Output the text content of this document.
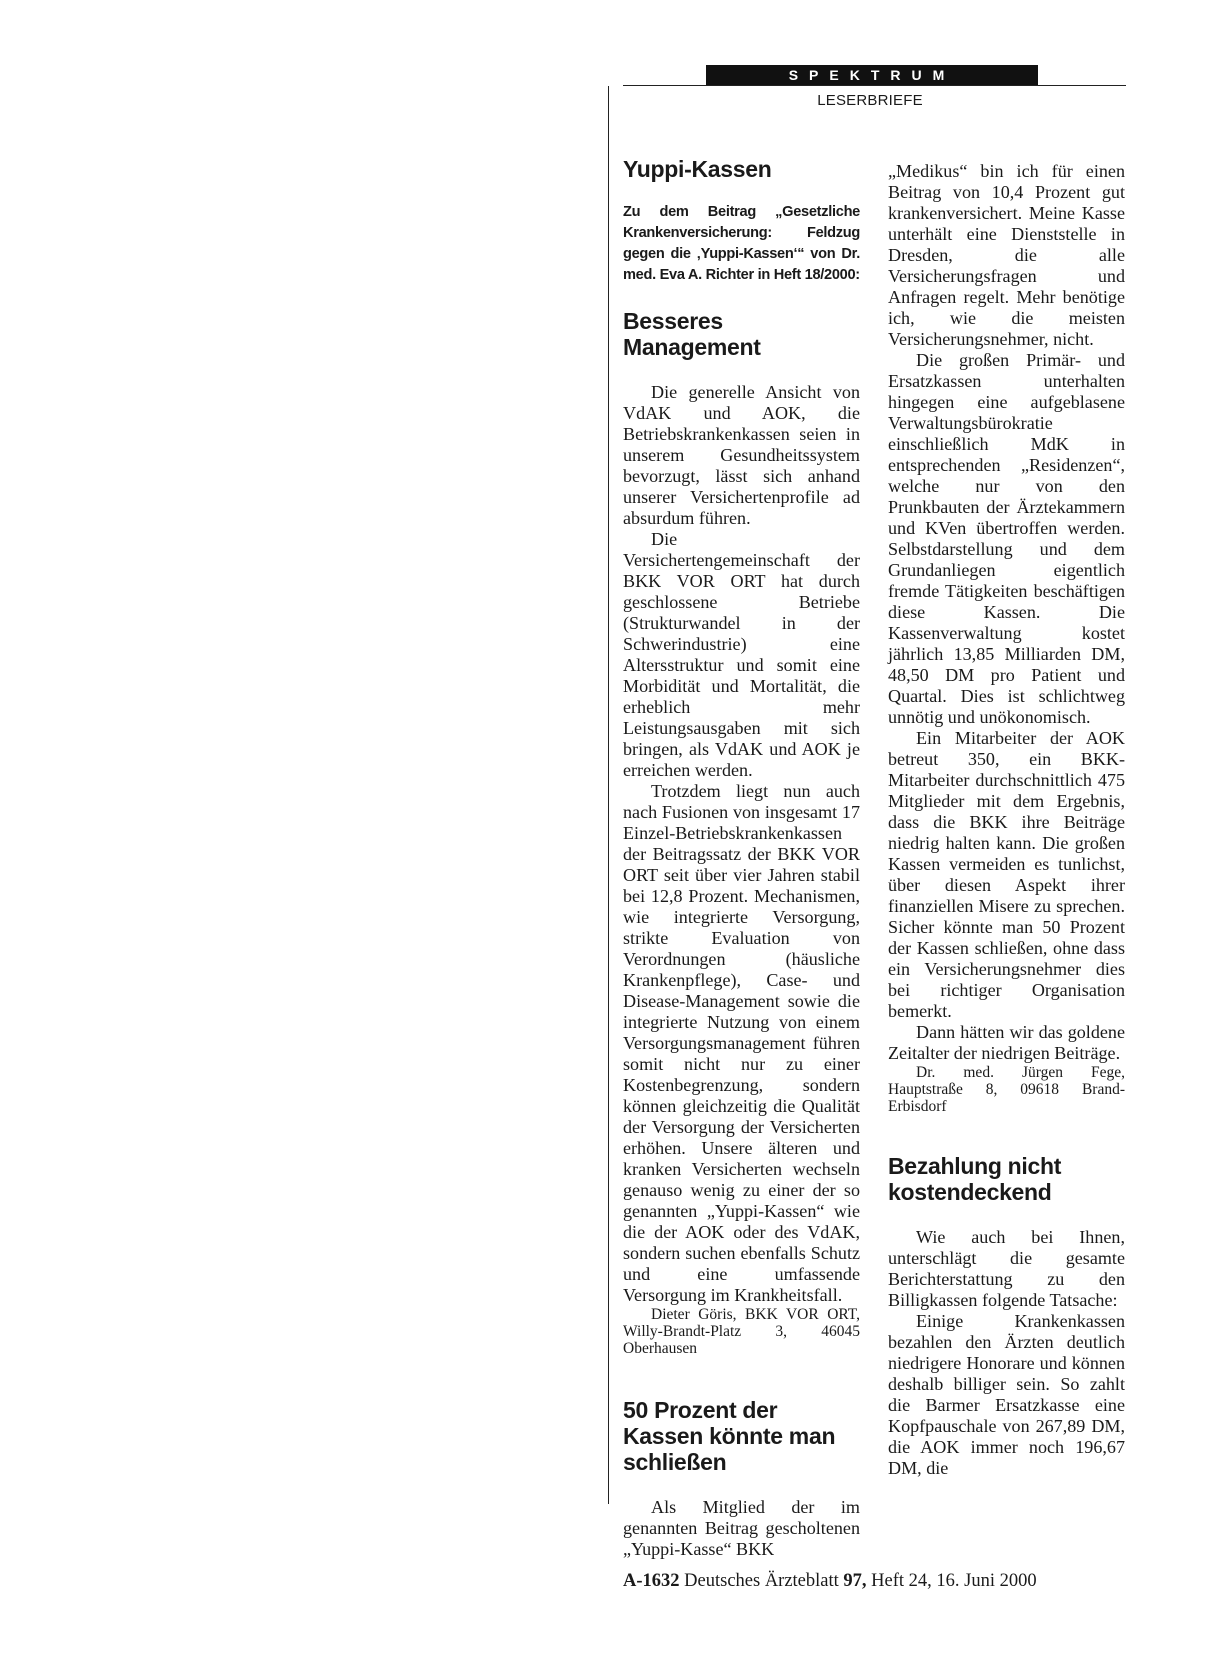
SPEKTRUM
LESERBRIEFE
Yuppi-Kassen

Zu dem Beitrag „Gesetzliche Krankenversicherung: Feldzug gegen die ‚Yuppi-Kassen‘“ von Dr. med. Eva A. Richter in Heft 18/2000:

Besseres Management

Die generelle Ansicht von VdAK und AOK, die Betriebskrankenkassen seien in unserem Gesundheitssystem bevorzugt, lässt sich anhand unserer Versichertenprofile ad absurdum führen.

Die Versichertengemeinschaft der BKK VOR ORT hat durch geschlossene Betriebe (Strukturwandel in der Schwerindustrie) eine Altersstruktur und somit eine Morbidität und Mortalität, die erheblich mehr Leistungsausgaben mit sich bringen, als VdAK und AOK je erreichen werden.

Trotzdem liegt nun auch nach Fusionen von insgesamt 17 Einzel-Betriebskrankenkassen der Beitragssatz der BKK VOR ORT seit über vier Jahren stabil bei 12,8 Prozent. Mechanismen, wie integrierte Versorgung, strikte Evaluation von Verordnungen (häusliche Krankenpflege), Case- und Disease-Management sowie die integrierte Nutzung von einem Versorgungsmanagement führen somit nicht nur zu einer Kostenbegrenzung, sondern können gleichzeitig die Qualität der Versorgung der Versicherten erhöhen. Unsere älteren und kranken Versicherten wechseln genauso wenig zu einer der so genannten „Yuppi-Kassen“ wie die der AOK oder des VdAK, sondern suchen ebenfalls Schutz und eine umfassende Versorgung im Krankheitsfall.

Dieter Göris, BKK VOR ORT, Willy-Brandt-Platz 3, 46045 Oberhausen

50 Prozent der Kassen könnte man schließen

Als Mitglied der im genannten Beitrag gescholtenen „Yuppi-Kasse“ BKK

„Medikus“ bin ich für einen Beitrag von 10,4 Prozent gut krankenversichert. Meine Kasse unterhält eine Dienststelle in Dresden, die alle Versicherungsfragen und Anfragen regelt. Mehr benötige ich, wie die meisten Versicherungsnehmer, nicht.

Die großen Primär- und Ersatzkassen unterhalten hingegen eine aufgeblasene Verwaltungsbürokratie einschließlich MdK in entsprechenden „Residenzen“, welche nur von den Prunkbauten der Ärztekammern und KVen übertroffen werden. Selbstdarstellung und dem Grundanliegen eigentlich fremde Tätigkeiten beschäftigen diese Kassen. Die Kassenverwaltung kostet jährlich 13,85 Milliarden DM, 48,50 DM pro Patient und Quartal. Dies ist schlichtweg unnötig und unökonomisch.

Ein Mitarbeiter der AOK betreut 350, ein BKK-Mitarbeiter durchschnittlich 475 Mitglieder mit dem Ergebnis, dass die BKK ihre Beiträge niedrig halten kann. Die großen Kassen vermeiden es tunlichst, über diesen Aspekt ihrer finanziellen Misere zu sprechen. Sicher könnte man 50 Prozent der Kassen schließen, ohne dass ein Versicherungsnehmer dies bei richtiger Organisation bemerkt.

Dann hätten wir das goldene Zeitalter der niedrigen Beiträge.

Dr. med. Jürgen Fege, Hauptstraße 8, 09618 Brand-Erbisdorf

Bezahlung nicht kostendeckend

Wie auch bei Ihnen, unterschlägt die gesamte Berichterstattung zu den Billigkassen folgende Tatsache:

Einige Krankenkassen bezahlen den Ärzten deutlich niedrigere Honorare und können deshalb billiger sein. So zahlt die Barmer Ersatzkasse eine Kopfpauschale von 267,89 DM, die AOK immer noch 196,67 DM, die

A-1632 Deutsches Ärzteblatt 97, Heft 24, 16. Juni 2000
